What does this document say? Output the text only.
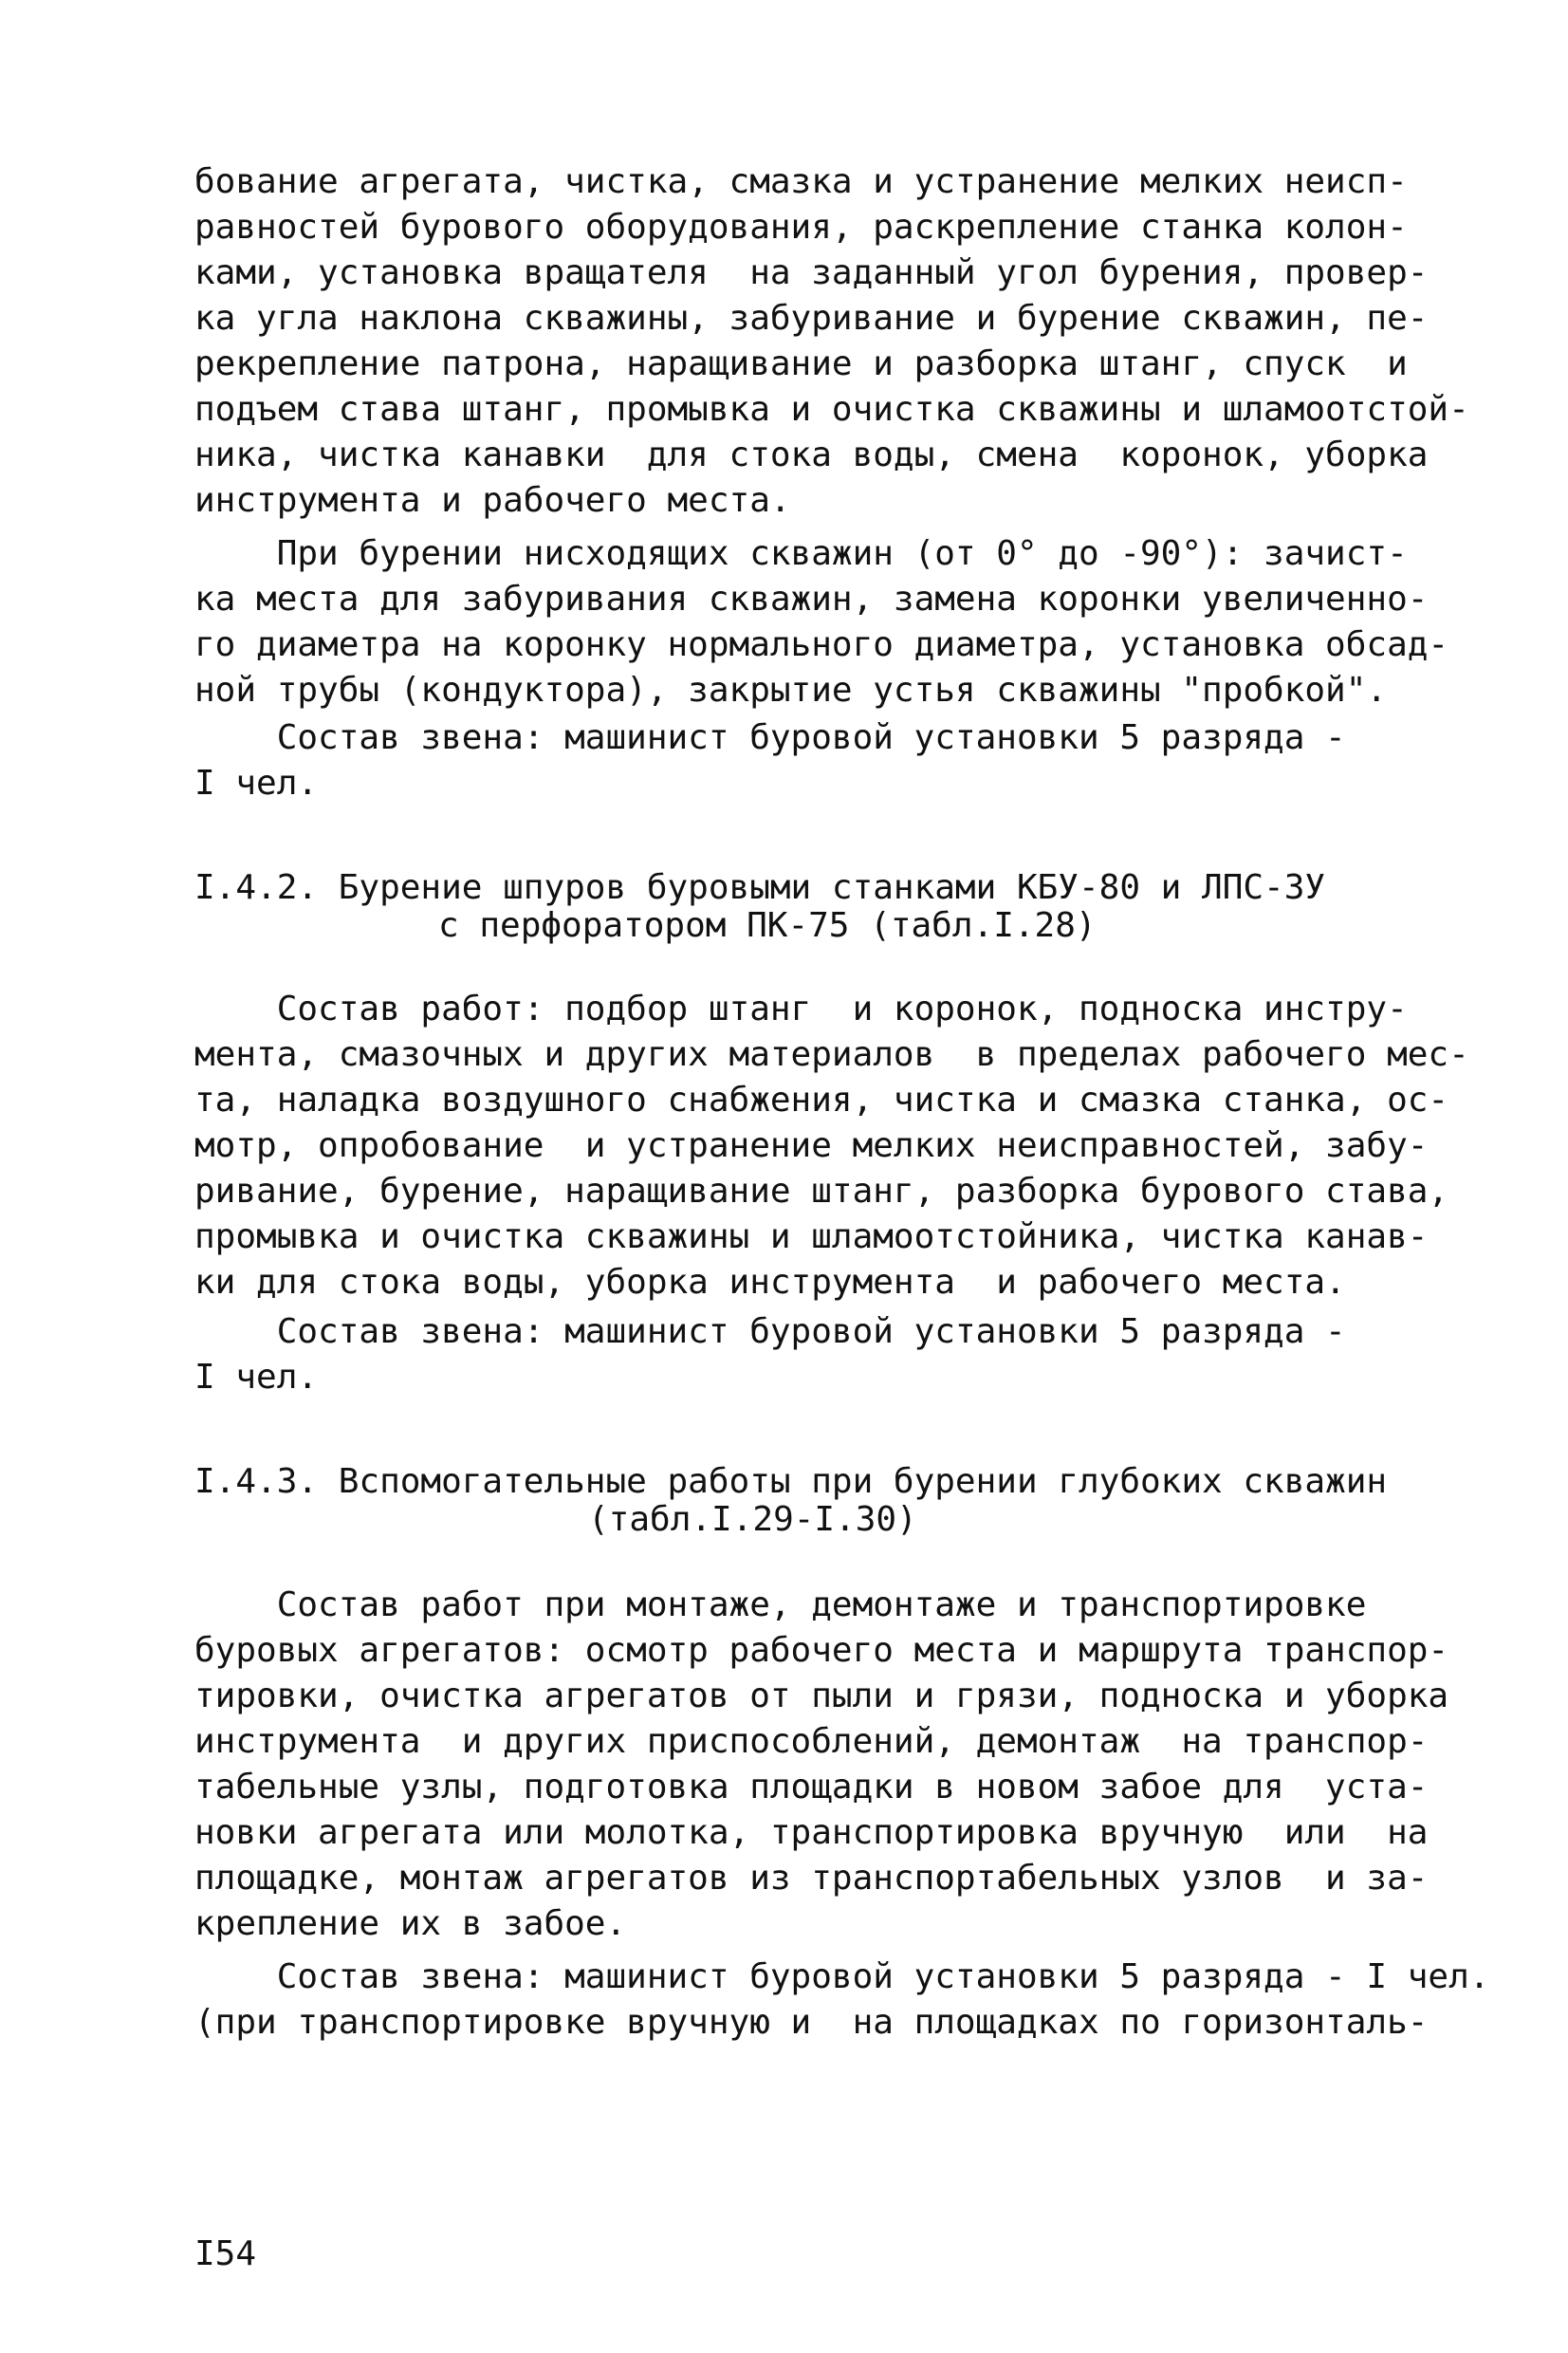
бование агрегата, чистка, смазка и устранение мелких неисп-
равностей бурового оборудования, раскрепление станка колон-
ками, установка вращателя  на заданный угол бурения, провер-
ка угла наклона скважины, забуривание и бурение скважин, пе-
рекрепление патрона, наращивание и разборка штанг, спуск  и
подъем става штанг, промывка и очистка скважины и шламоотстой-
ника, чистка канавки  для стока воды, смена  коронок, уборка
инструмента и рабочего места.
При бурении нисходящих скважин (от 0° до -90°): зачист-
ка места для забуривания скважин, замена коронки увеличенно-
го диаметра на коронку нормального диаметра, установка обсад-
ной трубы (кондуктора), закрытие устья скважины "пробкой".
Состав звена: машинист буровой установки 5 разряда -
I чел.
I.4.2. Бурение шпуров буровыми станками КБУ-80 и ЛПС-3У
с перфоратором ПК-75 (табл.I.28)
Состав работ: подбор штанг  и коронок, подноска инстру-
мента, смазочных и других материалов  в пределах рабочего мес-
та, наладка воздушного снабжения, чистка и смазка станка, ос-
мотр, опробование  и устранение мелких неисправностей, забу-
ривание, бурение, наращивание штанг, разборка бурового става,
промывка и очистка скважины и шламоотстойника, чистка канав-
ки для стока воды, уборка инструмента  и рабочего места.
Состав звена: машинист буровой установки 5 разряда -
I чел.
I.4.3. Вспомогательные работы при бурении глубоких скважин
(табл.I.29-I.30)
Состав работ при монтаже, демонтаже и транспортировке
буровых агрегатов: осмотр рабочего места и маршрута транспор-
тировки, очистка агрегатов от пыли и грязи, подноска и уборка
инструмента  и других приспособлений, демонтаж  на транспор-
табельные узлы, подготовка площадки в новом забое для  уста-
новки агрегата или молотка, транспортировка вручную  или  на
площадке, монтаж агрегатов из транспортабельных узлов  и за-
крепление их в забое.
Состав звена: машинист буровой установки 5 разряда - I чел.
(при транспортировке вручную и  на площадках по горизонталь-
I54
